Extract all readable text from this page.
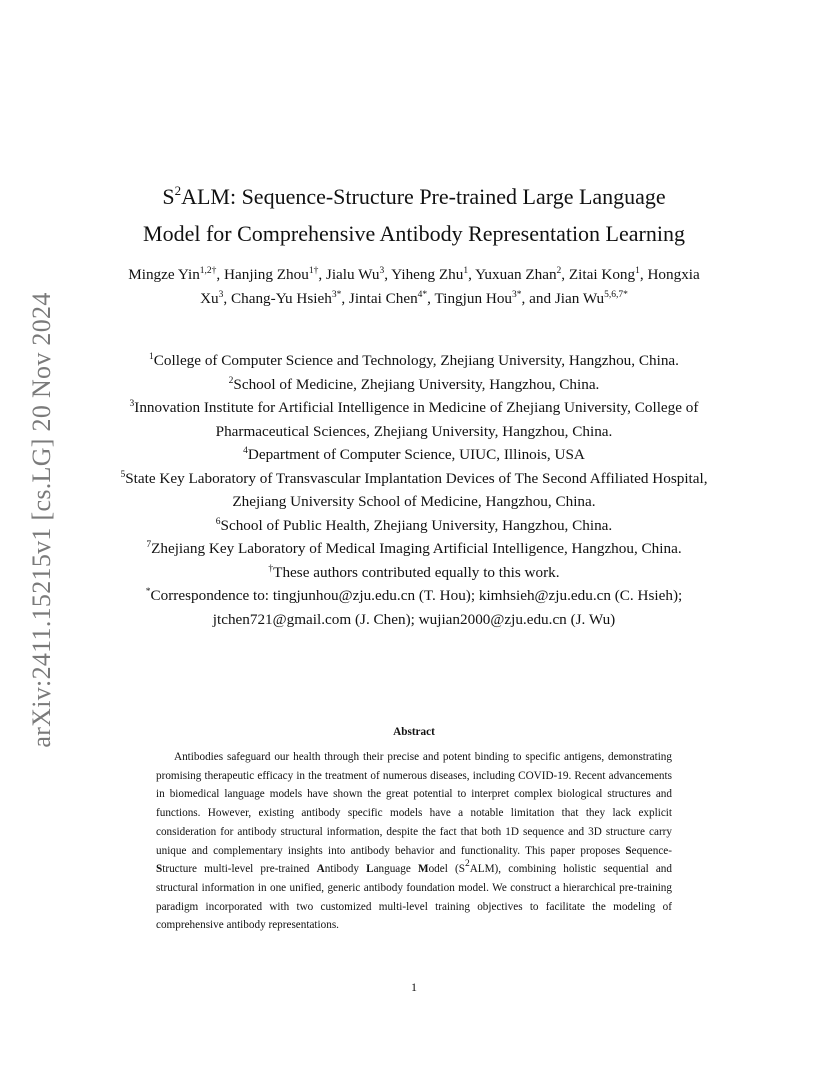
arXiv:2411.15215v1 [cs.LG] 20 Nov 2024
$S^2ALM$: Sequence-Structure Pre-trained Large Language
Model for Comprehensive Antibody Representation Learning
Mingze Yin$^{1,2\dagger}$, Hanjing Zhou$^{1\dagger}$, Jialu Wu$^3$, Yiheng Zhu$^1$, Yuxuan Zhan$^2$, Zitai Kong$^1$, Hongxia Xu$^3$, Chang-Yu Hsieh$^{3*}$, Jintai Chen$^{4*}$, Tingjun Hou$^{3*}$, and Jian $Wu^{5,6,7*}$
$^1$College of Computer Science and Technology, Zhejiang University, Hangzhou, China.
$^2$School of Medicine, Zhejiang University, Hangzhou, China.
$^3$Innovation Institute for Artificial Intelligence in Medicine of Zhejiang University, College of Pharmaceutical Sciences, Zhejiang University, Hangzhou, China.
$^4$Department of Computer Science, UIUC, Illinois, USA
$^5$State Key Laboratory of Transvascular Implantation Devices of The Second Affiliated Hospital, Zhejiang University School of Medicine, Hangzhou, China.
$^6$School of Public Health, Zhejiang University, Hangzhou, China.
$^7$Zhejiang Key Laboratory of Medical Imaging Artificial Intelligence, Hangzhou, China.
†These authors contributed equally to this work.
*Correspondence to: tingjunhou@zju.edu.cn (T. Hou); kimhsieh@zju.edu.cn (C. Hsieh); jtchen721@gmail.com (J. Chen); wujian2000@zju.edu.cn (J. Wu)
Abstract
Antibodies safeguard our health through their precise and potent binding to specific antigens, demonstrating promising therapeutic efficacy in the treatment of numerous diseases, including COVID-19. Recent advancements in biomedical language models have shown the great potential to interpret complex biological structures and functions. However, existing antibody specific models have a notable limitation that they lack explicit consideration for antibody structural information, despite the fact that both 1D sequence and 3D structure carry unique and complementary insights into antibody behavior and functionality. This paper proposes Sequence-Structure multi-level pre-trained Antibody Language Model $(S^2ALM)$, combining holistic sequential and structural information in one unified, generic antibody foundation model. We construct a hierarchical pre-training paradigm incorporated with two customized multi-level training objectives to facilitate the modeling of comprehensive antibody representations.
1
